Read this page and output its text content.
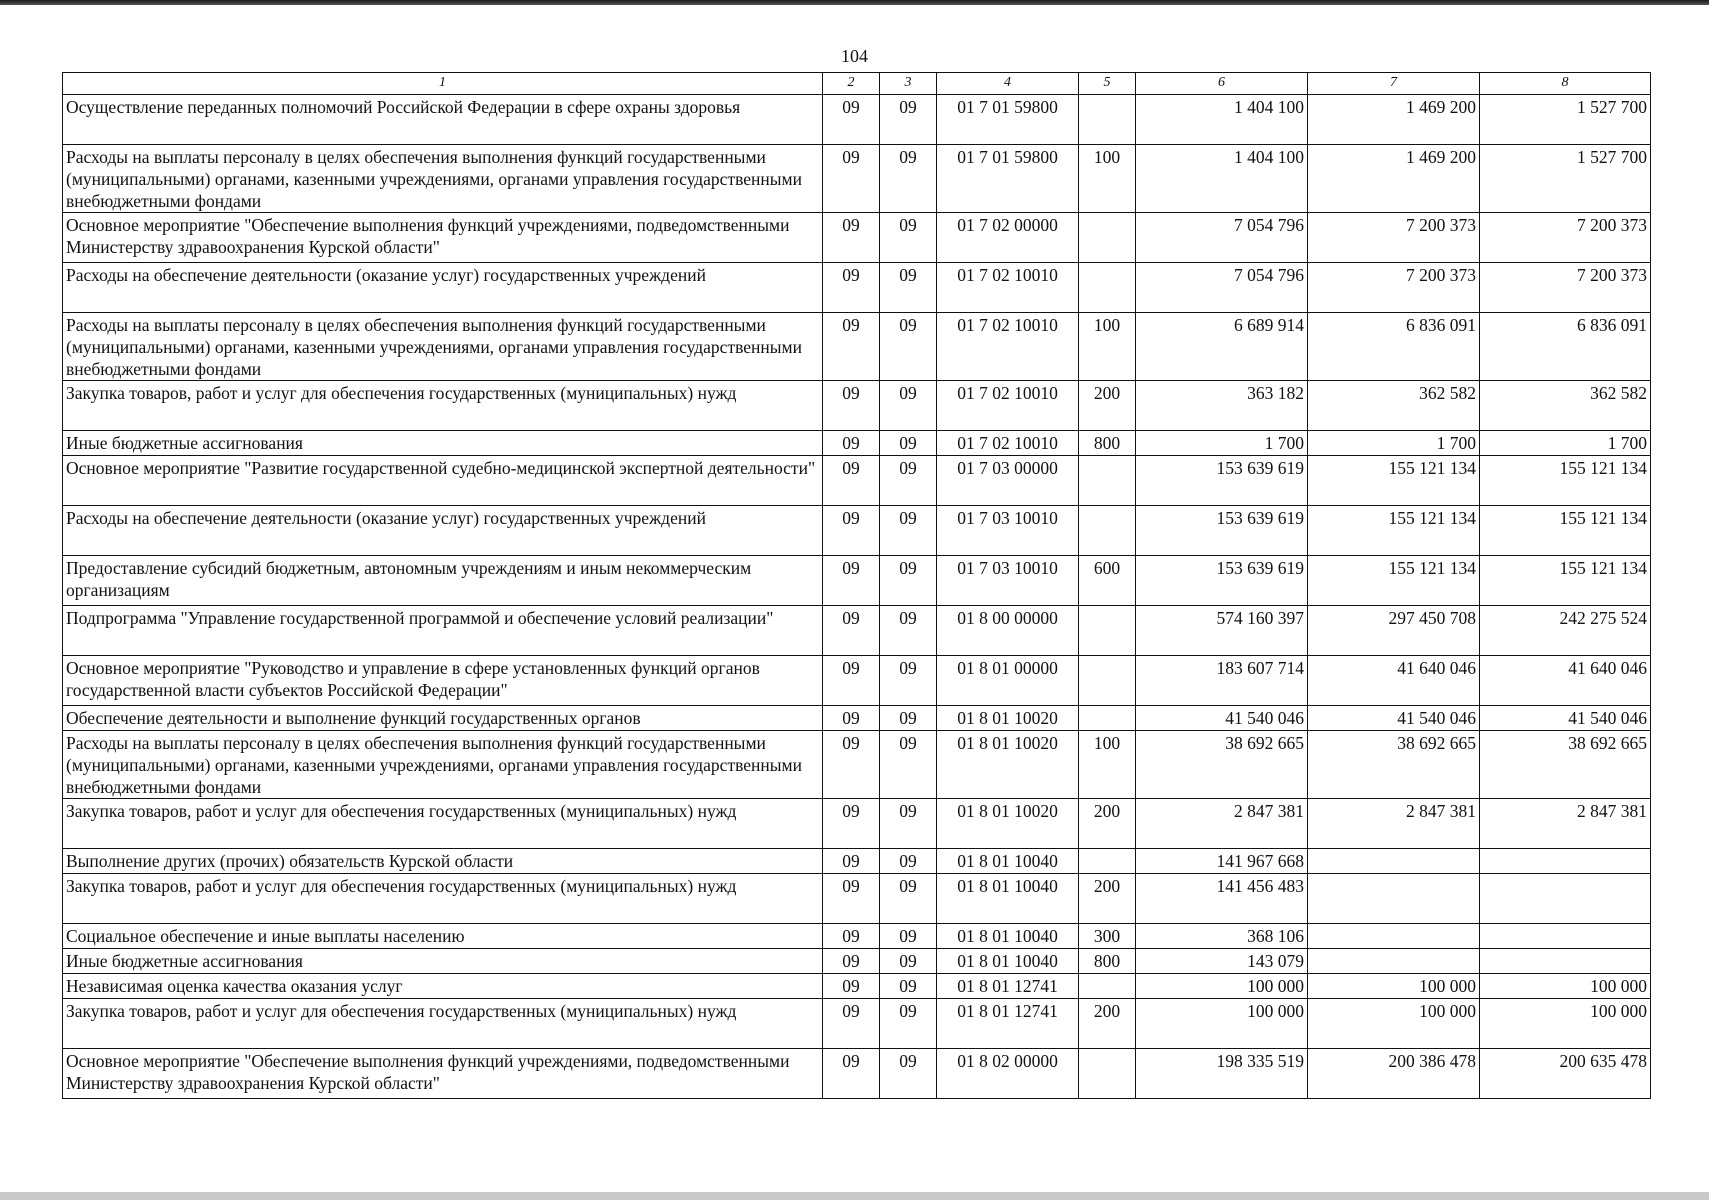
104
1	2	3	4	5	6	7	8
Осуществление переданных полномочий Российской Федерации в сфере охраны здоровья	09	09	01 7 01 59800		1 404 100	1 469 200	1 527 700
Расходы на выплаты персоналу в целях обеспечения выполнения функций государственными (муниципальными) органами, казенными учреждениями, органами управления государственными внебюджетными фондами	09	09	01 7 01 59800	100	1 404 100	1 469 200	1 527 700
Основное мероприятие "Обеспечение выполнения функций учреждениями, подведомственными Министерству здравоохранения Курской области"	09	09	01 7 02 00000		7 054 796	7 200 373	7 200 373
Расходы на обеспечение деятельности (оказание услуг) государственных учреждений	09	09	01 7 02 10010		7 054 796	7 200 373	7 200 373
Расходы на выплаты персоналу в целях обеспечения выполнения функций государственными (муниципальными) органами, казенными учреждениями, органами управления государственными внебюджетными фондами	09	09	01 7 02 10010	100	6 689 914	6 836 091	6 836 091
Закупка товаров, работ и услуг для обеспечения государственных (муниципальных) нужд	09	09	01 7 02 10010	200	363 182	362 582	362 582
Иные бюджетные ассигнования	09	09	01 7 02 10010	800	1 700	1 700	1 700
Основное мероприятие "Развитие государственной судебно-медицинской экспертной деятельности"	09	09	01 7 03 00000		153 639 619	155 121 134	155 121 134
Расходы на обеспечение деятельности (оказание услуг) государственных учреждений	09	09	01 7 03 10010		153 639 619	155 121 134	155 121 134
Предоставление субсидий бюджетным, автономным учреждениям и иным некоммерческим организациям	09	09	01 7 03 10010	600	153 639 619	155 121 134	155 121 134
Подпрограмма "Управление государственной программой и обеспечение условий реализации"	09	09	01 8 00 00000		574 160 397	297 450 708	242 275 524
Основное мероприятие "Руководство и управление в сфере установленных функций органов государственной власти субъектов Российской Федерации"	09	09	01 8 01 00000		183 607 714	41 640 046	41 640 046
Обеспечение деятельности и выполнение функций государственных органов	09	09	01 8 01 10020		41 540 046	41 540 046	41 540 046
Расходы на выплаты персоналу в целях обеспечения выполнения функций государственными (муниципальными) органами, казенными учреждениями, органами управления государственными внебюджетными фондами	09	09	01 8 01 10020	100	38 692 665	38 692 665	38 692 665
Закупка товаров, работ и услуг для обеспечения государственных (муниципальных) нужд	09	09	01 8 01 10020	200	2 847 381	2 847 381	2 847 381
Выполнение других (прочих) обязательств Курской области	09	09	01 8 01 10040		141 967 668		
Закупка товаров, работ и услуг для обеспечения государственных (муниципальных) нужд	09	09	01 8 01 10040	200	141 456 483		
Социальное обеспечение и иные выплаты населению	09	09	01 8 01 10040	300	368 106		
Иные бюджетные ассигнования	09	09	01 8 01 10040	800	143 079		
Независимая оценка качества оказания услуг	09	09	01 8 01 12741		100 000	100 000	100 000
Закупка товаров, работ и услуг для обеспечения государственных (муниципальных) нужд	09	09	01 8 01 12741	200	100 000	100 000	100 000
Основное мероприятие "Обеспечение выполнения функций учреждениями, подведомственными Министерству здравоохранения Курской области"	09	09	01 8 02 00000		198 335 519	200 386 478	200 635 478
